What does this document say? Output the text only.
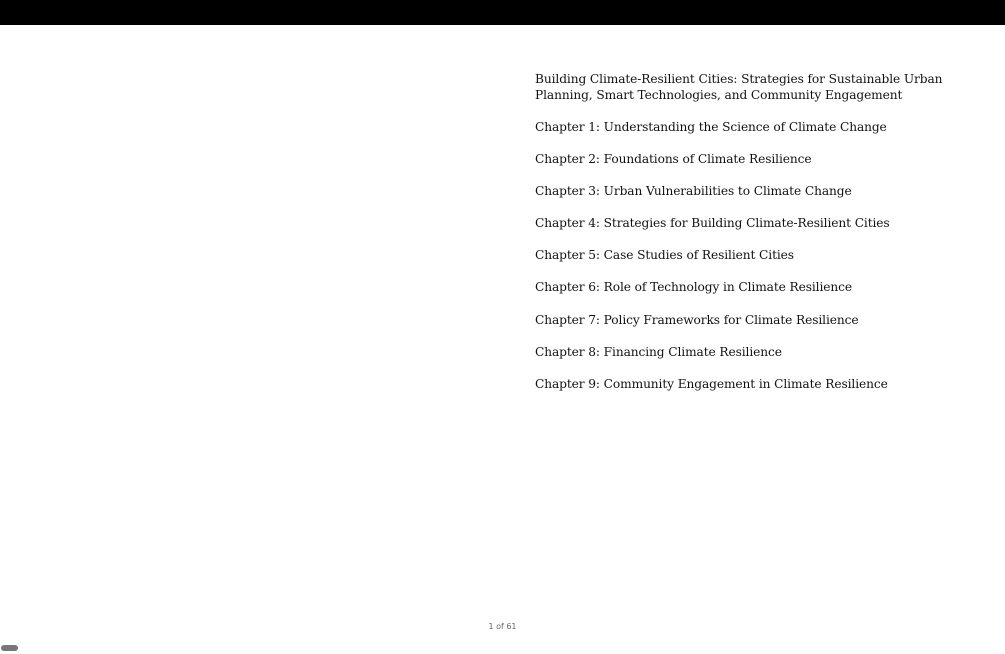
Building Climate-Resilient Cities: Strategies for Sustainable Urban Planning, Smart Technologies, and Community Engagement
Chapter 1: Understanding the Science of Climate Change
Chapter 2: Foundations of Climate Resilience
Chapter 3: Urban Vulnerabilities to Climate Change
Chapter 4: Strategies for Building Climate-Resilient Cities
Chapter 5: Case Studies of Resilient Cities
Chapter 6: Role of Technology in Climate Resilience
Chapter 7: Policy Frameworks for Climate Resilience
Chapter 8: Financing Climate Resilience
Chapter 9: Community Engagement in Climate Resilience
1 of 61
